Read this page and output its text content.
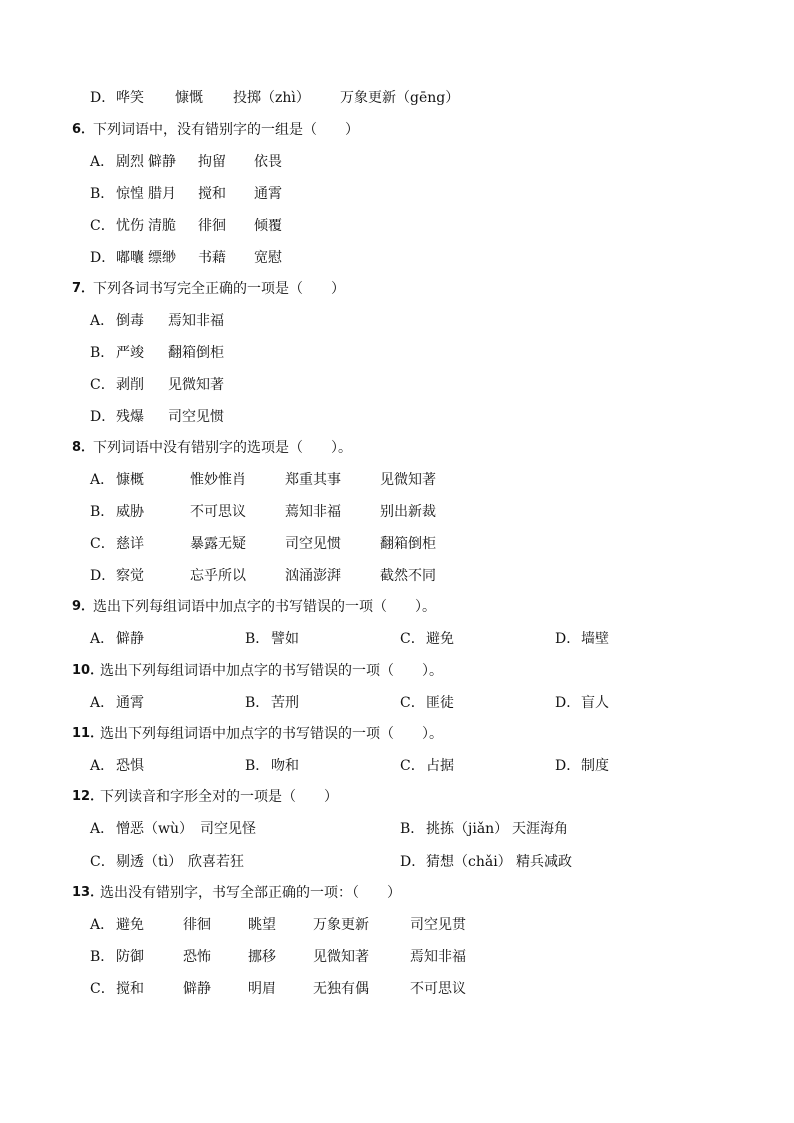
D． 哗笑 慷慨 投掷（zhì） 万象更新（gēng）
6．
下列词语中，没有错别字的一组是（　　）
A． 剧烈 僻静 拘留 依畏
B． 惊惶 腊月 搅和 通霄
C． 忧伤 清脆 徘徊 倾覆
D． 嘟囔 缥缈 书藉 宽慰
7．
下列各词书写完全正确的一项是（　　）
A． 倒毒 焉知非福
B． 严竣 翻箱倒柜
C． 剥削 见微知著
D． 残爆 司空见惯
8．
下列词语中没有错别字的选项是（　　）。
A． 慷概	惟妙惟肖	郑重其事	见微知著
B． 威胁	不可思议	蔫知非福	别出新裁
C． 慈详	暴露无疑	司空见惯	翻箱倒柜
D． 察觉	忘乎所以	汹涌澎湃	截然不同
9．
选出下列每组词语中加点字的书写错误的一项（　　）。
A． 僻静	B． 譬如	C． 避免	D． 墙壁
10．
选出下列每组词语中加点字的书写错误的一项（　　）。
A． 通霄	B． 苦刑	C． 匪徒	D． 盲人
11．
选出下列每组词语中加点字的书写错误的一项（　　）。
A． 恐惧	B． 吻和	C． 占据	D． 制度
12．
下列读音和字形全对的一项是（　　）
A． 憎恶（wù） 司空见怪	B． 挑拣（jiǎn） 天涯海角
C． 剔透（tì） 欣喜若狂	D． 猜想（chǎi） 精兵减政
13．
选出没有错别字，书写全部正确的一项：（　　）
A． 避免	徘徊	眺望	万象更新	司空见贯
B． 防御	恐怖	挪移	见微知著	焉知非福
C． 搅和	僻静	明眉	无独有偶	不可思议
